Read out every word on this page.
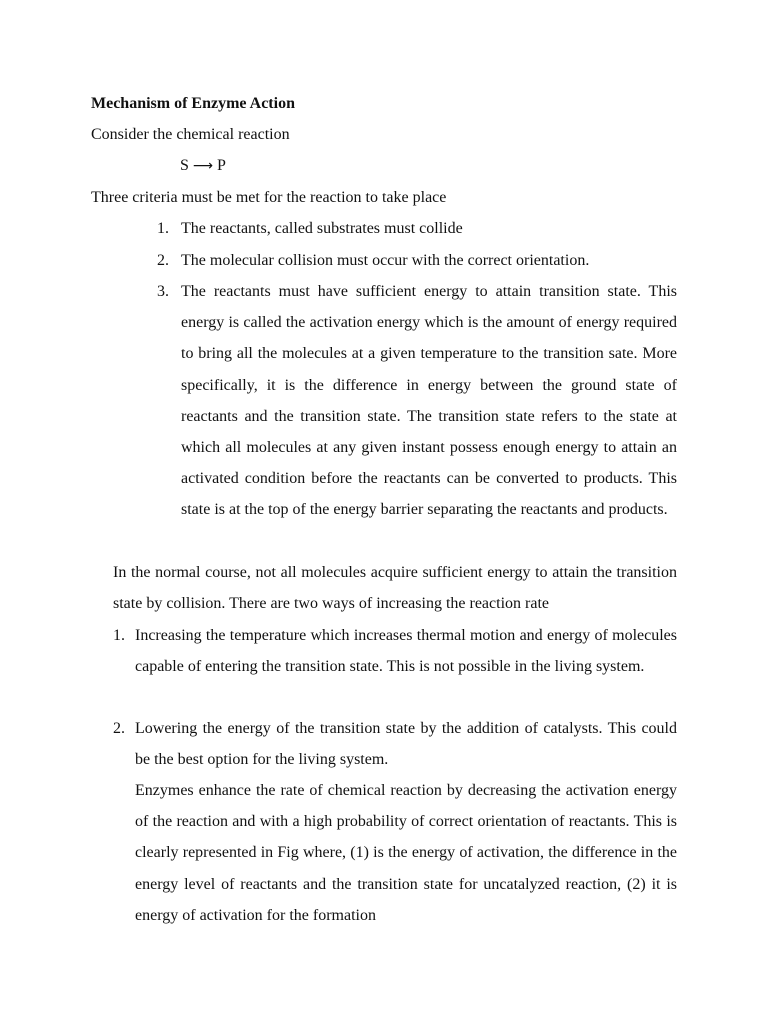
Mechanism of Enzyme Action
Consider the chemical reaction
S ⟶ P
Three criteria must be met for the reaction to take place
1. The reactants, called substrates must collide
2. The molecular collision must occur with the correct orientation.
3. The reactants must have sufficient energy to attain transition state. This energy is called the activation energy which is the amount of energy required to bring all the molecules at a given temperature to the transition sate. More specifically, it is the difference in energy between the ground state of reactants and the transition state. The transition state refers to the state at which all molecules at any given instant possess enough energy to attain an activated condition before the reactants can be converted to products. This state is at the top of the energy barrier separating the reactants and products.
In the normal course, not all molecules acquire sufficient energy to attain the transition state by collision. There are two ways of increasing the reaction rate
1. Increasing the temperature which increases thermal motion and energy of molecules capable of entering the transition state. This is not possible in the living system.
2. Lowering the energy of the transition state by the addition of catalysts. This could be the best option for the living system.
Enzymes enhance the rate of chemical reaction by decreasing the activation energy of the reaction and with a high probability of correct orientation of reactants. This is clearly represented in Fig where, (1) is the energy of activation, the difference in the energy level of reactants and the transition state for uncatalyzed reaction, (2) it is energy of activation for the formation
